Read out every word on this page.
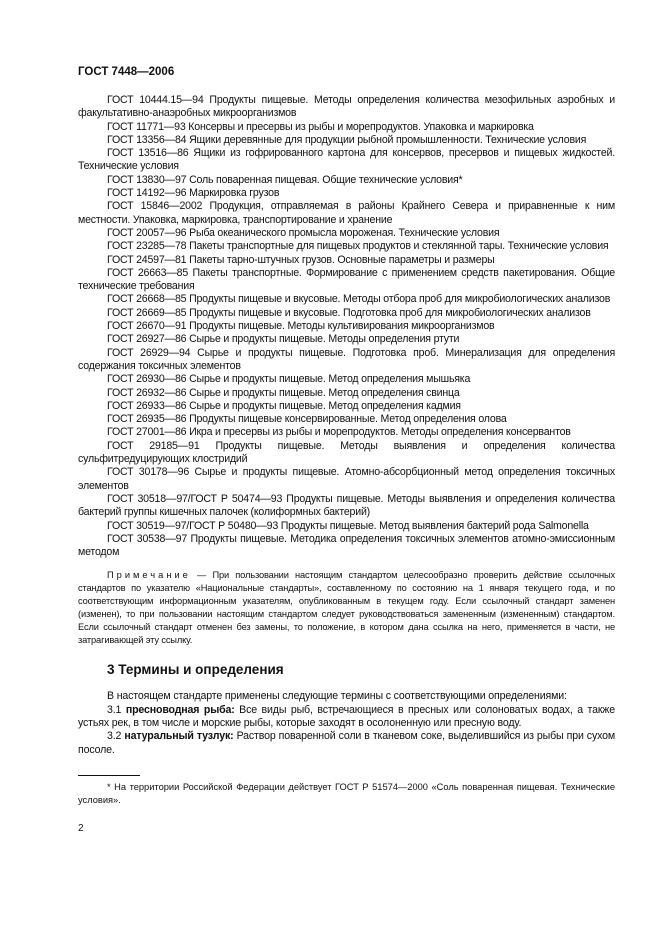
ГОСТ 7448—2006

ГОСТ 10444.15—94 Продукты пищевые. Методы определения количества мезофильных аэробных и факультативно-анаэробных микроорганизмов

ГОСТ 11771—93 Консервы и пресервы из рыбы и морепродуктов. Упаковка и маркировка

ГОСТ 13356—84 Ящики деревянные для продукции рыбной промышленности. Технические условия

ГОСТ 13516—86 Ящики из гофрированного картона для консервов, пресервов и пищевых жидкостей. Технические условия

ГОСТ 13830—97 Соль поваренная пищевая. Общие технические условия*

ГОСТ 14192—96 Маркировка грузов

ГОСТ 15846—2002 Продукция, отправляемая в районы Крайнего Севера и приравненные к ним местности. Упаковка, маркировка, транспортирование и хранение

ГОСТ 20057—96 Рыба океанического промысла мороженая. Технические условия

ГОСТ 23285—78 Пакеты транспортные для пищевых продуктов и стеклянной тары. Технические условия

ГОСТ 24597—81 Пакеты тарно-штучных грузов. Основные параметры и размеры

ГОСТ 26663—85 Пакеты транспортные. Формирование с применением средств пакетирования. Общие технические требования

ГОСТ 26668—85 Продукты пищевые и вкусовые. Методы отбора проб для микробиологических анализов

ГОСТ 26669—85 Продукты пищевые и вкусовые. Подготовка проб для микробиологических анализов

ГОСТ 26670—91 Продукты пищевые. Методы культивирования микроорганизмов

ГОСТ 26927—86 Сырье и продукты пищевые. Методы определения ртути

ГОСТ 26929—94 Сырье и продукты пищевые. Подготовка проб. Минерализация для определения содержания токсичных элементов

ГОСТ 26930—86 Сырье и продукты пищевые. Метод определения мышьяка

ГОСТ 26932—86 Сырье и продукты пищевые. Метод определения свинца

ГОСТ 26933—86 Сырье и продукты пищевые. Метод определения кадмия

ГОСТ 26935—86 Продукты пищевые консервированные. Метод определения олова

ГОСТ 27001—86 Икра и пресервы из рыбы и морепродуктов. Методы определения консервантов

ГОСТ 29185—91 Продукты пищевые. Методы выявления и определения количества сульфитредуцирующих клостридий

ГОСТ 30178—96 Сырье и продукты пищевые. Атомно-абсорбционный метод определения токсичных элементов

ГОСТ 30518—97/ГОСТ Р 50474—93 Продукты пищевые. Методы выявления и определения количества бактерий группы кишечных палочек (колиформных бактерий)

ГОСТ 30519—97/ГОСТ Р 50480—93 Продукты пищевые. Метод выявления бактерий рода Salmonella

ГОСТ 30538—97 Продукты пищевые. Методика определения токсичных элементов атомно-эмиссионным методом

Примечание — При пользовании настоящим стандартом целесообразно проверить действие ссылочных стандартов по указателю «Национальные стандарты», составленному по состоянию на 1 января текущего года, и по соответствующим информационным указателям, опубликованным в текущем году. Если ссылочный стандарт заменен (изменен), то при пользовании настоящим стандартом следует руководствоваться замененным (измененным) стандартом. Если ссылочный стандарт отменен без замены, то положение, в котором дана ссылка на него, применяется в части, не затрагивающей эту ссылку.
3 Термины и определения

В настоящем стандарте применены следующие термины с соответствующими определениями:

3.1 пресноводная рыба: Все виды рыб, встречающиеся в пресных или солоноватых водах, а также устьях рек, в том числе и морские рыбы, которые заходят в осолоненную или пресную воду.

3.2 натуральный тузлук: Раствор поваренной соли в тканевом соке, выделившийся из рыбы при сухом посоле.

* На территории Российской Федерации действует ГОСТ Р 51574—2000 «Соль поваренная пищевая. Технические условия».
2
